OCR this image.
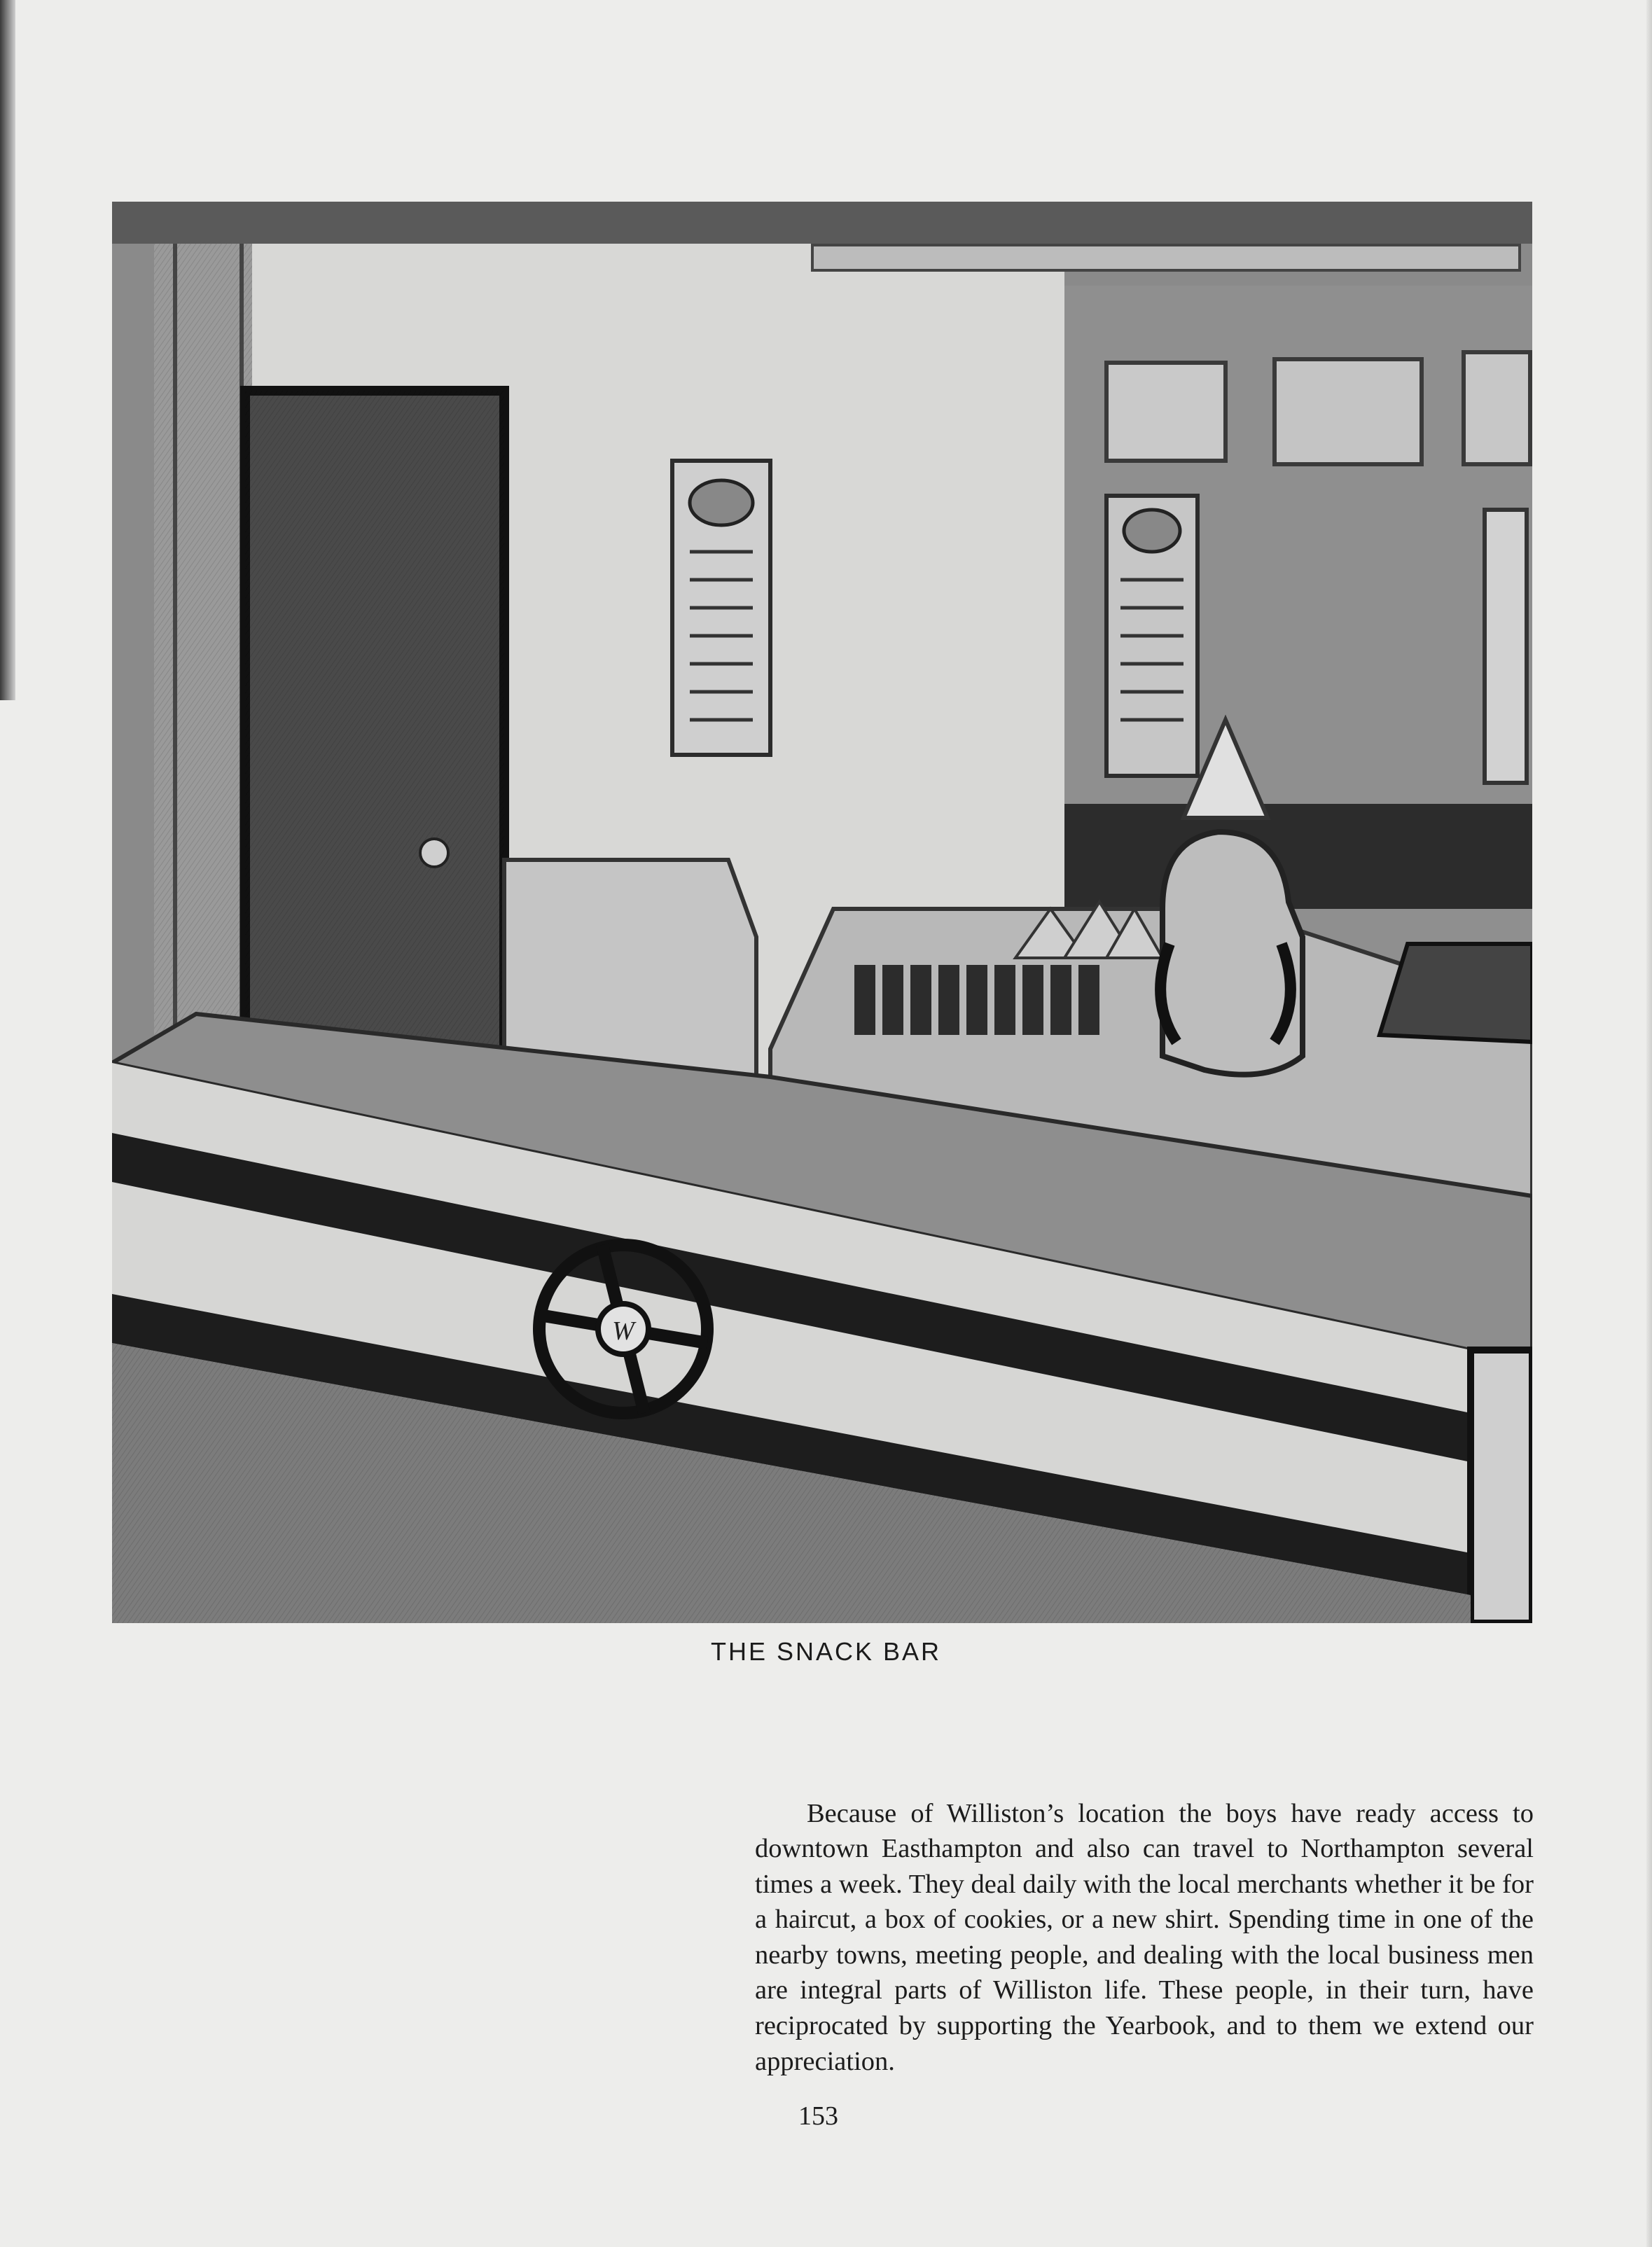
W
THE SNACK BAR

Because of Williston’s location the boys have ready access to downtown Easthampton and also can travel to Northampton several times a week. They deal daily with the local merchants whether it be for a haircut, a box of cookies, or a new shirt. Spending time in one of the nearby towns, meeting people, and dealing with the local business men are integral parts of Williston life. These people, in their turn, have reciprocated by supporting the Yearbook, and to them we extend our appreciation.

153
